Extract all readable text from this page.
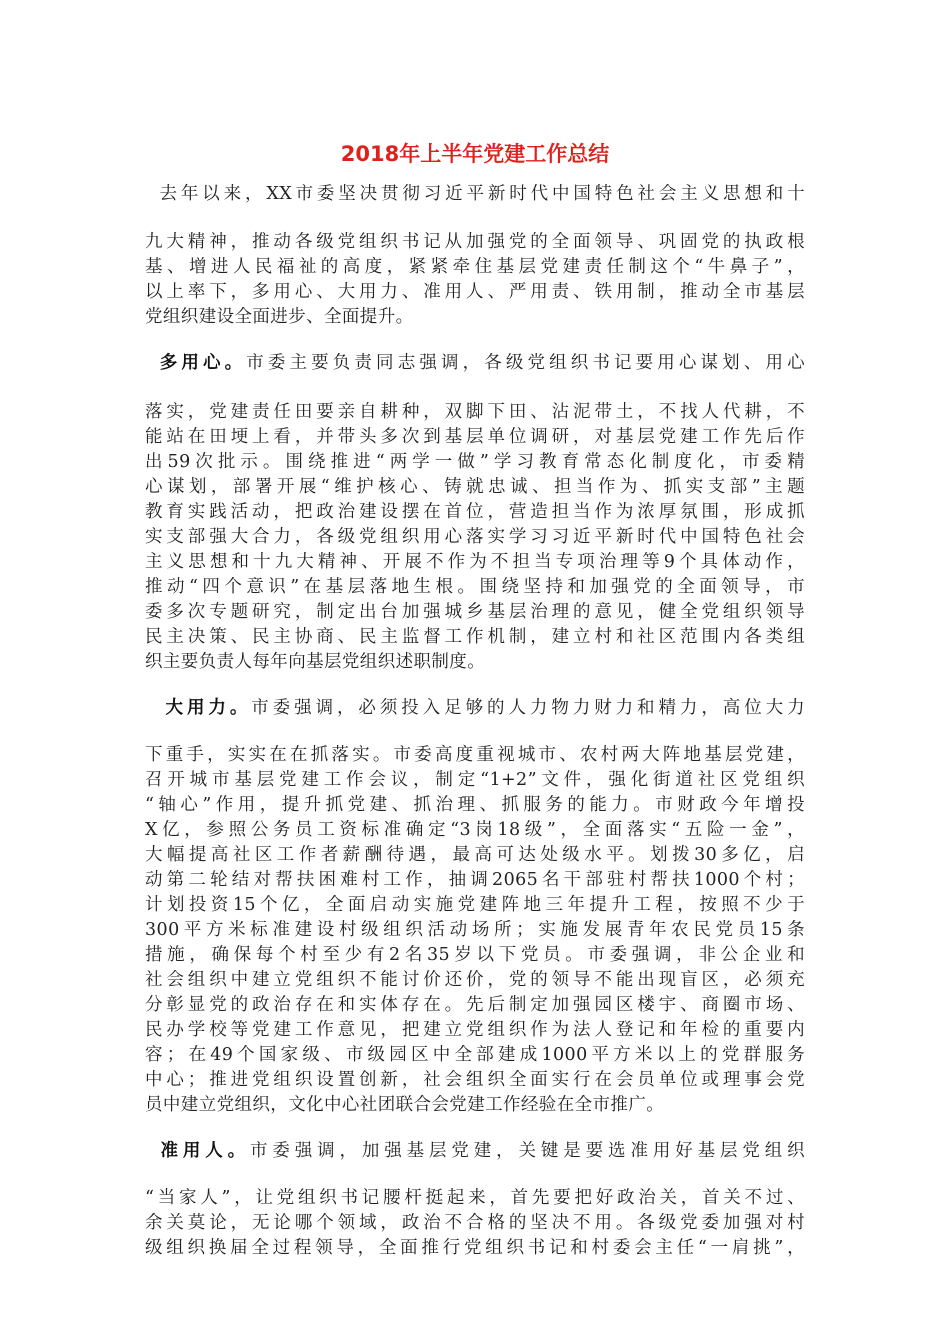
2018年上半年党建工作总结
去年以来，XX市委坚决贯彻习近平新时代中国特色社会主义思想和十
九大精神，推动各级党组织书记从加强党的全面领导、巩固党的执政根
基、增进人民福祉的高度，紧紧牵住基层党建责任制这个“牛鼻子”，
以上率下，多用心、大用力、准用人、严用责、铁用制，推动全市基层
党组织建设全面进步、全面提升。
多用心。市委主要负责同志强调，各级党组织书记要用心谋划、用心
落实，党建责任田要亲自耕种，双脚下田、沾泥带土，不找人代耕，不
能站在田埂上看，并带头多次到基层单位调研，对基层党建工作先后作
出59次批示。围绕推进“两学一做”学习教育常态化制度化，市委精
心谋划，部署开展“维护核心、铸就忠诚、担当作为、抓实支部”主题
教育实践活动，把政治建设摆在首位，营造担当作为浓厚氛围，形成抓
实支部强大合力，各级党组织用心落实学习习近平新时代中国特色社会
主义思想和十九大精神、开展不作为不担当专项治理等9个具体动作，
推动“四个意识”在基层落地生根。围绕坚持和加强党的全面领导，市
委多次专题研究，制定出台加强城乡基层治理的意见，健全党组织领导
民主决策、民主协商、民主监督工作机制，建立村和社区范围内各类组
织主要负责人每年向基层党组织述职制度。
大用力。市委强调，必须投入足够的人力物力财力和精力，高位大力
下重手，实实在在抓落实。市委高度重视城市、农村两大阵地基层党建，
召开城市基层党建工作会议，制定“1+2”文件，强化街道社区党组织
“轴心”作用，提升抓党建、抓治理、抓服务的能力。市财政今年增投
X亿，参照公务员工资标准确定“3岗18级”，全面落实“五险一金”，
大幅提高社区工作者薪酬待遇，最高可达处级水平。划拨30多亿，启
动第二轮结对帮扶困难村工作，抽调2065名干部驻村帮扶1000个村；
计划投资15个亿，全面启动实施党建阵地三年提升工程，按照不少于
300平方米标准建设村级组织活动场所；实施发展青年农民党员15条
措施，确保每个村至少有2名35岁以下党员。市委强调，非公企业和
社会组织中建立党组织不能讨价还价，党的领导不能出现盲区，必须充
分彰显党的政治存在和实体存在。先后制定加强园区楼宇、商圈市场、
民办学校等党建工作意见，把建立党组织作为法人登记和年检的重要内
容；在49个国家级、市级园区中全部建成1000平方米以上的党群服务
中心；推进党组织设置创新，社会组织全面实行在会员单位或理事会党
员中建立党组织，文化中心社团联合会党建工作经验在全市推广。
准用人。市委强调，加强基层党建，关键是要选准用好基层党组织
“当家人”，让党组织书记腰杆挺起来，首先要把好政治关，首关不过、
余关莫论，无论哪个领域，政治不合格的坚决不用。各级党委加强对村
级组织换届全过程领导，全面推行党组织书记和村委会主任“一肩挑”，
